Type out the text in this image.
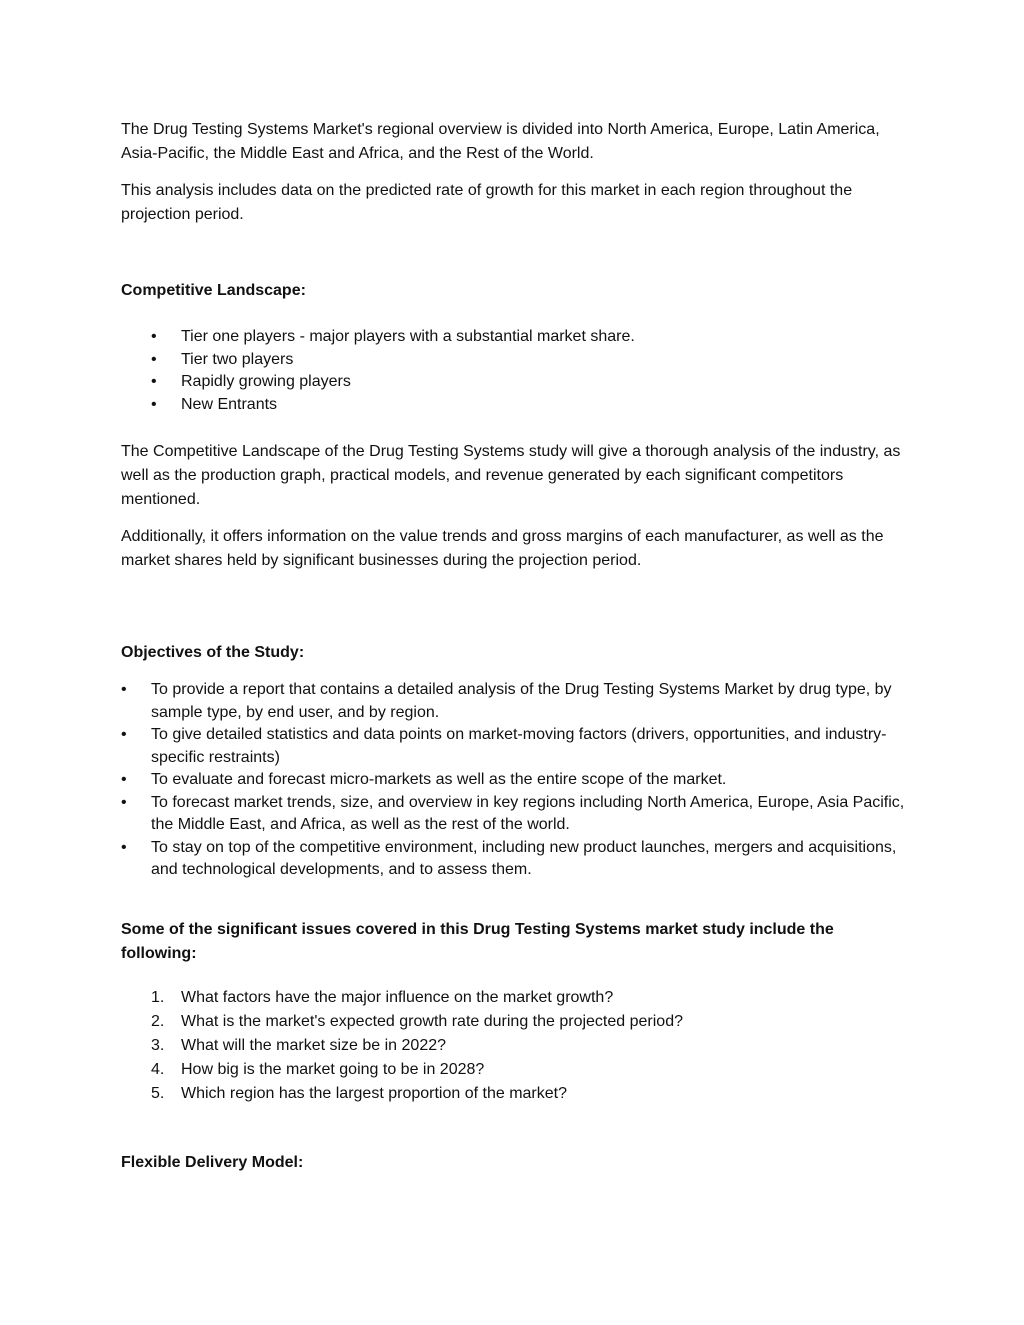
The Drug Testing Systems Market's regional overview is divided into North America, Europe, Latin America, Asia-Pacific, the Middle East and Africa, and the Rest of the World.

This analysis includes data on the predicted rate of growth for this market in each region throughout the projection period.

Competitive Landscape:

• Tier one players - major players with a substantial market share.
• Tier two players
• Rapidly growing players
• New Entrants

The Competitive Landscape of the Drug Testing Systems study will give a thorough analysis of the industry, as well as the production graph, practical models, and revenue generated by each significant competitors mentioned.

Additionally, it offers information on the value trends and gross margins of each manufacturer, as well as the market shares held by significant businesses during the projection period.

Objectives of the Study:

• To provide a report that contains a detailed analysis of the Drug Testing Systems Market by drug type, by sample type, by end user, and by region.
• To give detailed statistics and data points on market-moving factors (drivers, opportunities, and industry-specific restraints)
• To evaluate and forecast micro-markets as well as the entire scope of the market.
• To forecast market trends, size, and overview in key regions including North America, Europe, Asia Pacific, the Middle East, and Africa, as well as the rest of the world.
• To stay on top of the competitive environment, including new product launches, mergers and acquisitions, and technological developments, and to assess them.

Some of the significant issues covered in this Drug Testing Systems market study include the following:

1. What factors have the major influence on the market growth?
2. What is the market's expected growth rate during the projected period?
3. What will the market size be in 2022?
4. How big is the market going to be in 2028?
5. Which region has the largest proportion of the market?

Flexible Delivery Model:
